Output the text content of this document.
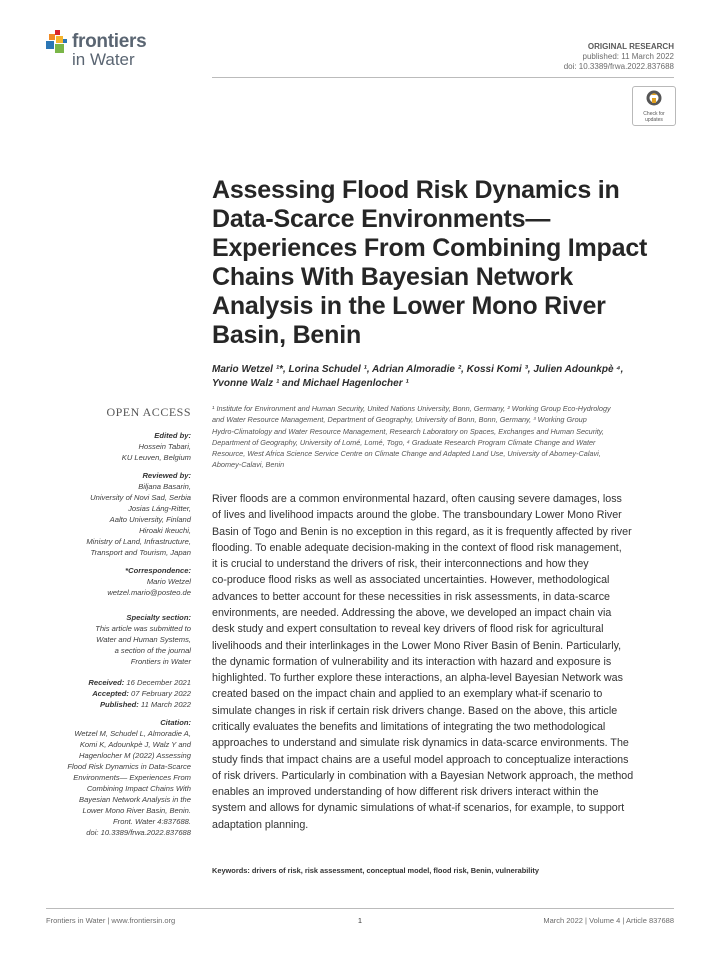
frontiers
in Water
ORIGINAL RESEARCH
published: 11 March 2022
doi: 10.3389/frwa.2022.837688
Check for
updates
Assessing Flood Risk Dynamics in
Data-Scarce Environments—
Experiences From Combining Impact
Chains With Bayesian Network
Analysis in the Lower Mono River
Basin, Benin
Mario Wetzel ¹*, Lorina Schudel ¹, Adrian Almoradie ², Kossi Komi ³, Julien Adounkpè ⁴,
Yvonne Walz ¹ and Michael Hagenlocher ¹
¹ Institute for Environment and Human Security, United Nations University, Bonn, Germany, ² Working Group Eco-Hydrology
and Water Resource Management, Department of Geography, University of Bonn, Bonn, Germany, ³ Working Group
Hydro-Climatology and Water Resource Management, Research Laboratory on Spaces, Exchanges and Human Security,
Department of Geography, University of Lomé, Lomé, Togo, ⁴ Graduate Research Program Climate Change and Water
Resource, West Africa Science Service Centre on Climate Change and Adapted Land Use, University of Abomey-Calavi,
Abomey-Calavi, Benin
OPEN ACCESS
Edited by:
Hossein Tabari,
KU Leuven, Belgium
Reviewed by:
Biljana Basarin,
University of Novi Sad, Serbia
Josias Láng-Ritter,
Aalto University, Finland
Hiroaki Ikeuchi,
Ministry of Land, Infrastructure,
Transport and Tourism, Japan
*Correspondence:
Mario Wetzel
wetzel.mario@posteo.de
Specialty section:
This article was submitted to
Water and Human Systems,
a section of the journal
Frontiers in Water
Received: 16 December 2021
Accepted: 07 February 2022
Published: 11 March 2022
Citation:
Wetzel M, Schudel L, Almoradie A,
Komi K, Adounkpè J, Walz Y and
Hagenlocher M (2022) Assessing
Flood Risk Dynamics in Data-Scarce
Environments— Experiences From
Combining Impact Chains With
Bayesian Network Analysis in the
Lower Mono River Basin, Benin.
Front. Water 4:837688.
doi: 10.3389/frwa.2022.837688
River floods are a common environmental hazard, often causing severe damages, loss
of lives and livelihood impacts around the globe. The transboundary Lower Mono River
Basin of Togo and Benin is no exception in this regard, as it is frequently affected by river
flooding. To enable adequate decision-making in the context of flood risk management,
it is crucial to understand the drivers of risk, their interconnections and how they
co-produce flood risks as well as associated uncertainties. However, methodological
advances to better account for these necessities in risk assessments, in data-scarce
environments, are needed. Addressing the above, we developed an impact chain via
desk study and expert consultation to reveal key drivers of flood risk for agricultural
livelihoods and their interlinkages in the Lower Mono River Basin of Benin. Particularly,
the dynamic formation of vulnerability and its interaction with hazard and exposure is
highlighted. To further explore these interactions, an alpha-level Bayesian Network was
created based on the impact chain and applied to an exemplary what-if scenario to
simulate changes in risk if certain risk drivers change. Based on the above, this article
critically evaluates the benefits and limitations of integrating the two methodological
approaches to understand and simulate risk dynamics in data-scarce environments. The
study finds that impact chains are a useful model approach to conceptualize interactions
of risk drivers. Particularly in combination with a Bayesian Network approach, the method
enables an improved understanding of how different risk drivers interact within the
system and allows for dynamic simulations of what-if scenarios, for example, to support
adaptation planning.
Keywords: drivers of risk, risk assessment, conceptual model, flood risk, Benin, vulnerability
Frontiers in Water | www.frontiersin.org	1	March 2022 | Volume 4 | Article 837688
